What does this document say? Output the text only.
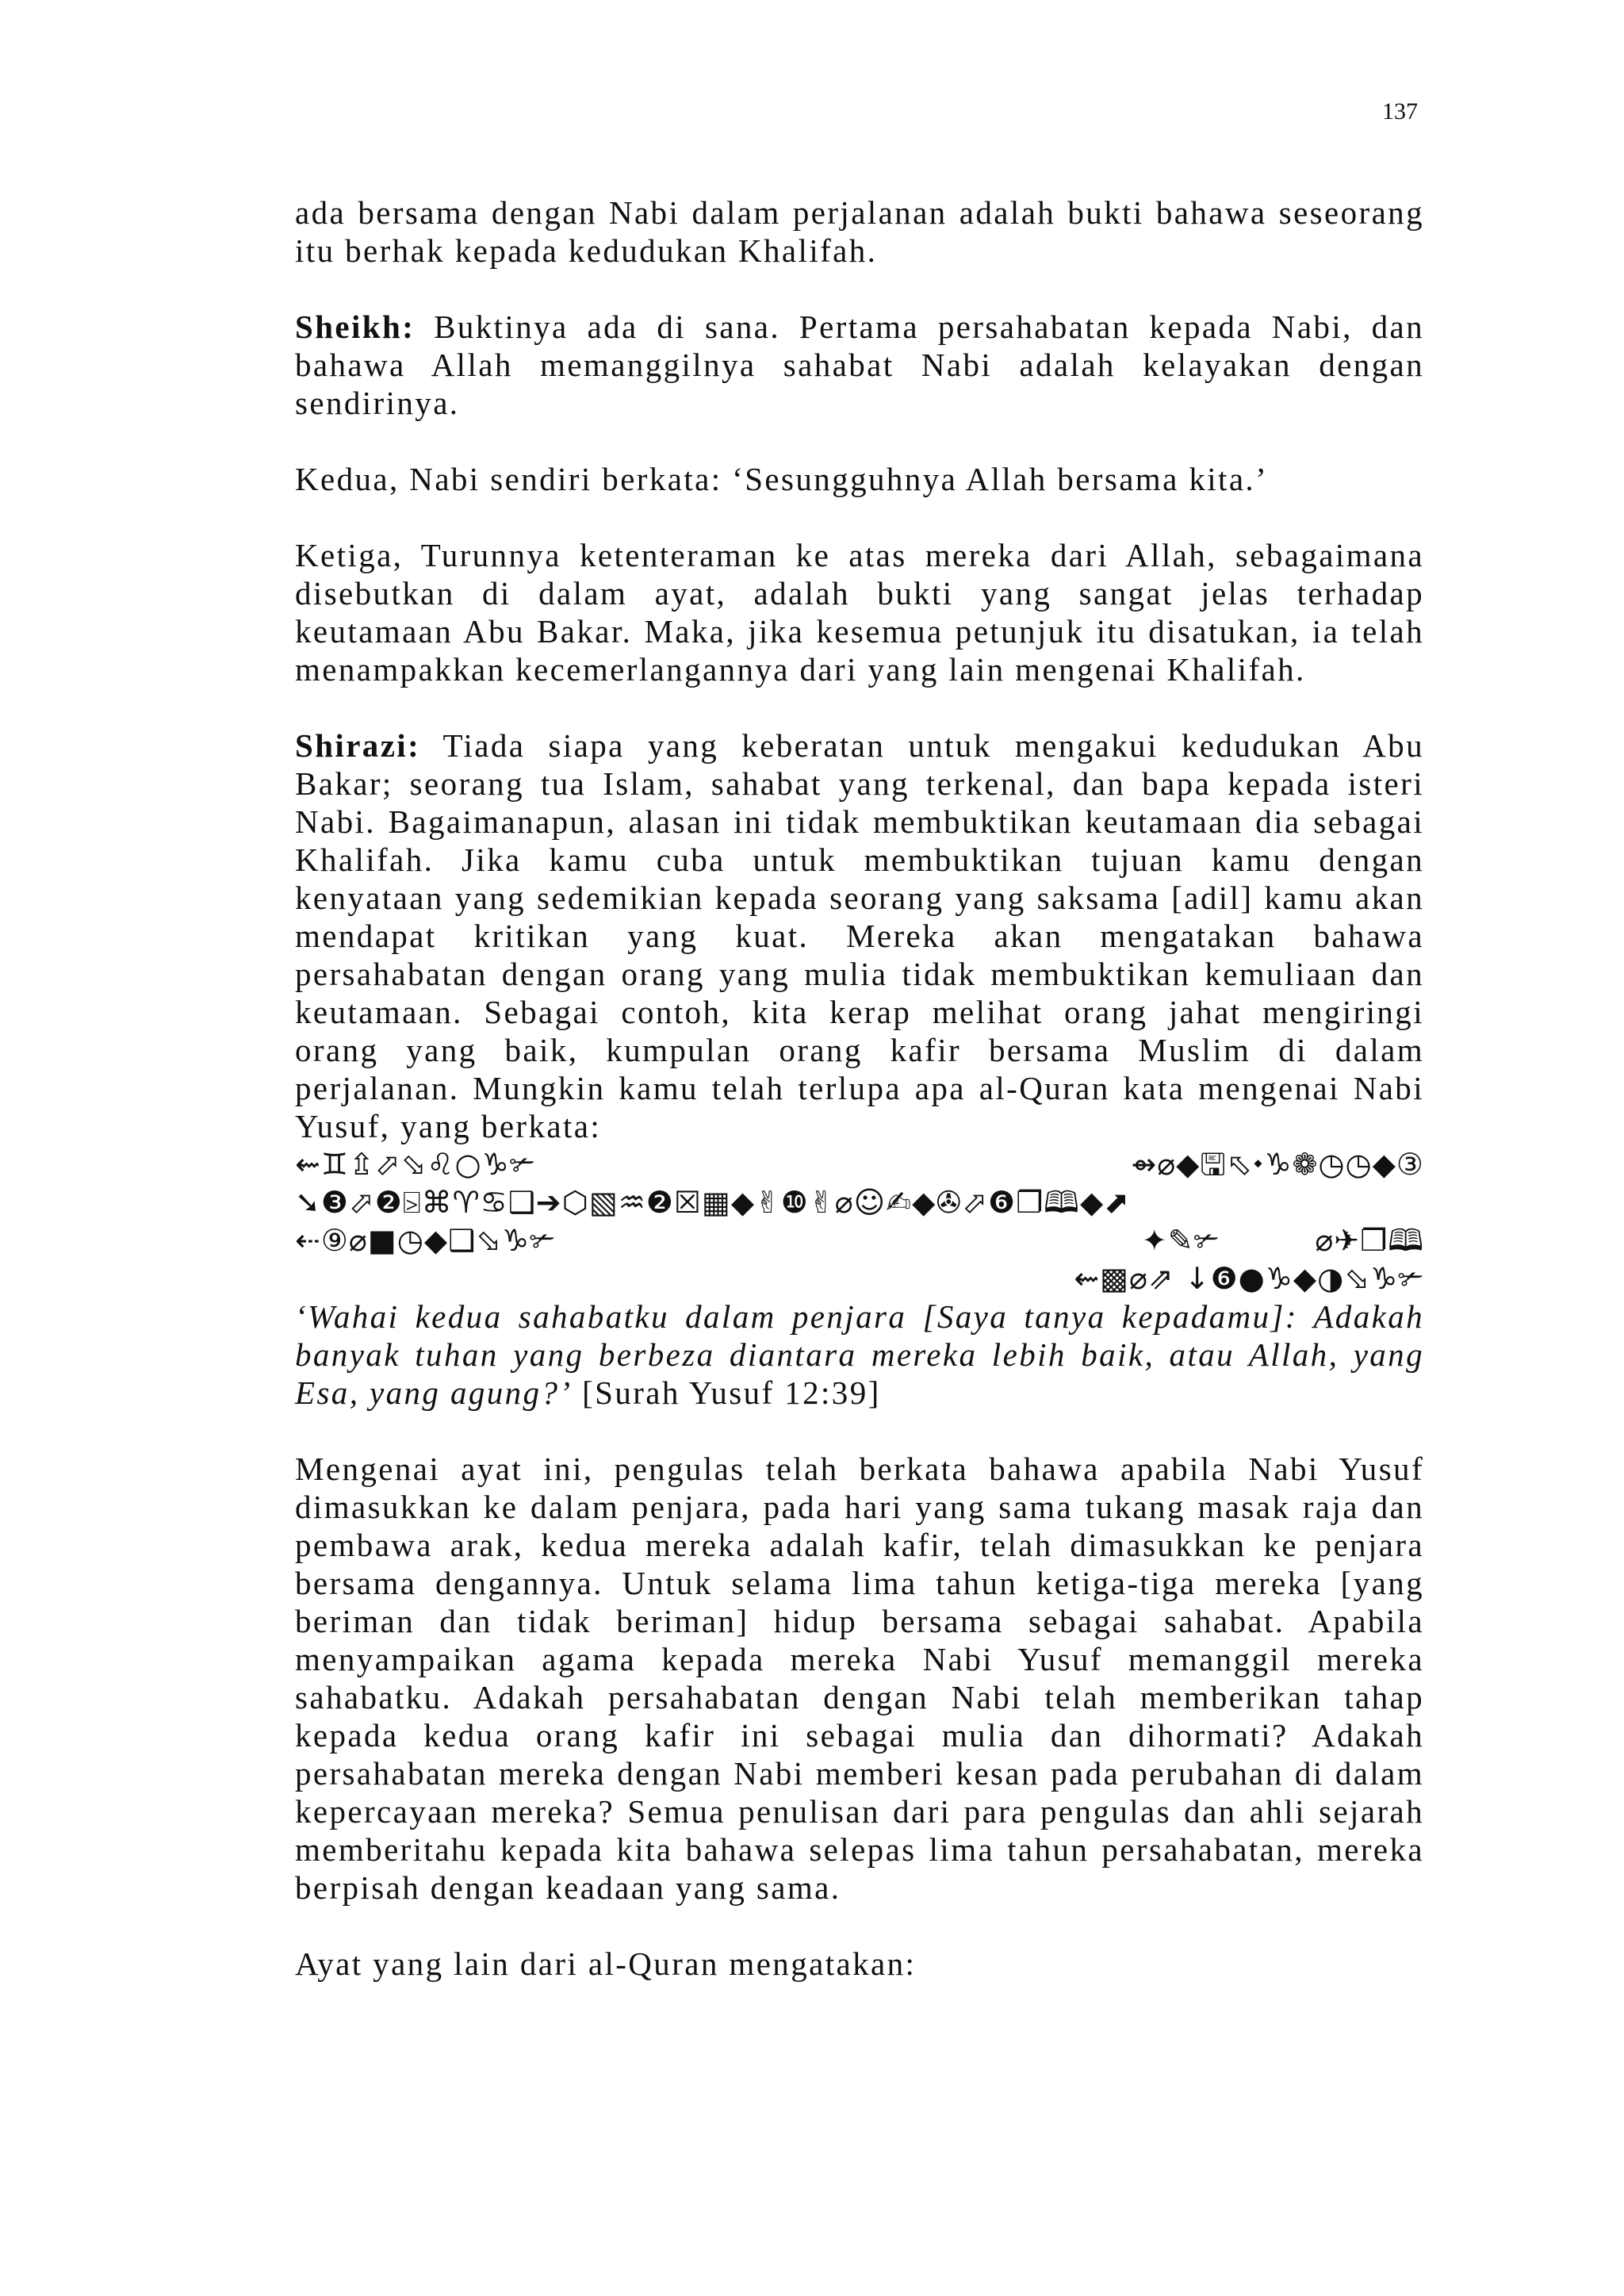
137

ada bersama dengan Nabi dalam perjalanan adalah bukti bahawa seseorang itu berhak kepada kedudukan Khalifah.

Sheikh: Buktinya ada di sana. Pertama persahabatan kepada Nabi, dan bahawa Allah memanggilnya sahabat Nabi adalah kelayakan dengan sendirinya.

Kedua, Nabi sendiri berkata: ‘Sesungguhnya Allah bersama kita.’

Ketiga, Turunnya ketenteraman ke atas mereka dari Allah, sebagaimana disebutkan di dalam ayat, adalah bukti yang sangat jelas terhadap keutamaan Abu Bakar. Maka, jika kesemua petunjuk itu disatukan, ia telah menampakkan kecemerlangannya dari yang lain mengenai Khalifah.

Shirazi: Tiada siapa yang keberatan untuk mengakui kedudukan Abu Bakar; seorang tua Islam, sahabat yang terkenal, dan bapa kepada isteri Nabi. Bagaimanapun, alasan ini tidak membuktikan keutamaan dia sebagai Khalifah. Jika kamu cuba untuk membuktikan tujuan kamu dengan kenyataan yang sedemikian kepada seorang yang saksama [adil] kamu akan mendapat kritikan yang kuat. Mereka akan mengatakan bahawa persahabatan dengan orang yang mulia tidak membuktikan kemuliaan dan keutamaan. Sebagai contoh, kita kerap melihat orang jahat mengiringi orang yang baik, kumpulan orang kafir bersama Muslim di dalam perjalanan. Mungkin kamu telah terlupa apa al-Quran kata mengenai Nabi Yusuf, yang berkata:

⇜♊⇫⬀⬂♌○♑✃	⇴⌀◆🖫⬁⬩♑❁◷◷◆③
➘❸⬀❷⍄⌘♈♋❑➔⬡▧♒❷☒▦◆✌❿✌⌀☺✍◆✇⬀❻❐🕮◆⬈
⇠⑨⌀■◷◆❑⬂♑✃	✦✎✃	⌀✈❐🕮
⇜▩⌀⇗ ↓❻●♑◆◑⬂♑✃

‘Wahai kedua sahabatku dalam penjara [Saya tanya kepadamu]: Adakah banyak tuhan yang berbeza diantara mereka lebih baik, atau Allah, yang Esa, yang agung?’ [Surah Yusuf 12:39]

Mengenai ayat ini, pengulas telah berkata bahawa apabila Nabi Yusuf dimasukkan ke dalam penjara, pada hari yang sama tukang masak raja dan pembawa arak, kedua mereka adalah kafir, telah dimasukkan ke penjara bersama dengannya. Untuk selama lima tahun ketiga-tiga mereka [yang beriman dan tidak beriman] hidup bersama sebagai sahabat. Apabila menyampaikan agama kepada mereka Nabi Yusuf memanggil mereka sahabatku. Adakah persahabatan dengan Nabi telah memberikan tahap kepada kedua orang kafir ini sebagai mulia dan dihormati? Adakah persahabatan mereka dengan Nabi memberi kesan pada perubahan di dalam kepercayaan mereka? Semua penulisan dari para pengulas dan ahli sejarah memberitahu kepada kita bahawa selepas lima tahun persahabatan, mereka berpisah dengan keadaan yang sama.

Ayat yang lain dari al-Quran mengatakan:
